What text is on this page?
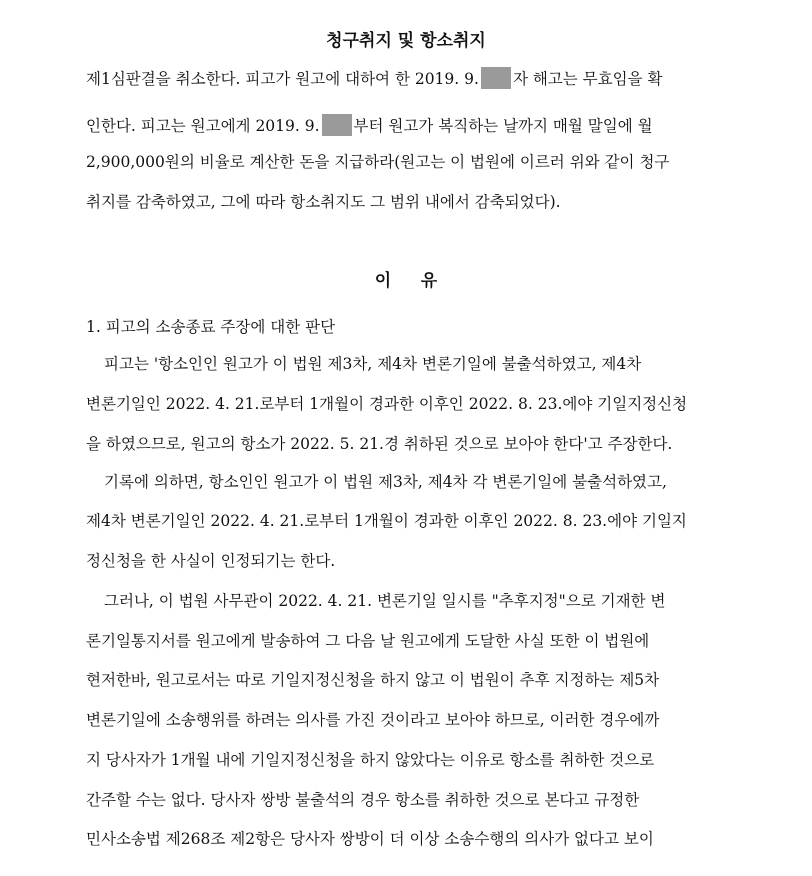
청구취지 및 항소취지
제1심판결을 취소한다. 피고가 원고에 대하여 한 2019. 9. 자 해고는 무효임을 확
인한다. 피고는 원고에게 2019. 9. 부터 원고가 복직하는 날까지 매월 말일에 월
2,900,000원의 비율로 계산한 돈을 지급하라(원고는 이 법원에 이르러 위와 같이 청구
취지를 감축하였고, 그에 따라 항소취지도 그 범위 내에서 감축되었다).
이     유
1. 피고의 소송종료 주장에 대한 판단
피고는 '항소인인 원고가 이 법원 제3차, 제4차 변론기일에 불출석하였고, 제4차
변론기일인 2022. 4. 21.로부터 1개월이 경과한 이후인 2022. 8. 23.에야 기일지정신청
을 하였으므로, 원고의 항소가 2022. 5. 21.경 취하된 것으로 보아야 한다'고 주장한다.
기록에 의하면, 항소인인 원고가 이 법원 제3차, 제4차 각 변론기일에 불출석하였고,
제4차 변론기일인 2022. 4. 21.로부터 1개월이 경과한 이후인 2022. 8. 23.에야 기일지
정신청을 한 사실이 인정되기는 한다.
그러나, 이 법원 사무관이 2022. 4. 21. 변론기일 일시를 "추후지정"으로 기재한 변
론기일통지서를 원고에게 발송하여 그 다음 날 원고에게 도달한 사실 또한 이 법원에
현저한바, 원고로서는 따로 기일지정신청을 하지 않고 이 법원이 추후 지정하는 제5차
변론기일에 소송행위를 하려는 의사를 가진 것이라고 보아야 하므로, 이러한 경우에까
지 당사자가 1개월 내에 기일지정신청을 하지 않았다는 이유로 항소를 취하한 것으로
간주할 수는 없다. 당사자 쌍방 불출석의 경우 항소를 취하한 것으로 본다고 규정한
민사소송법 제268조 제2항은 당사자 쌍방이 더 이상 소송수행의 의사가 없다고 보이
